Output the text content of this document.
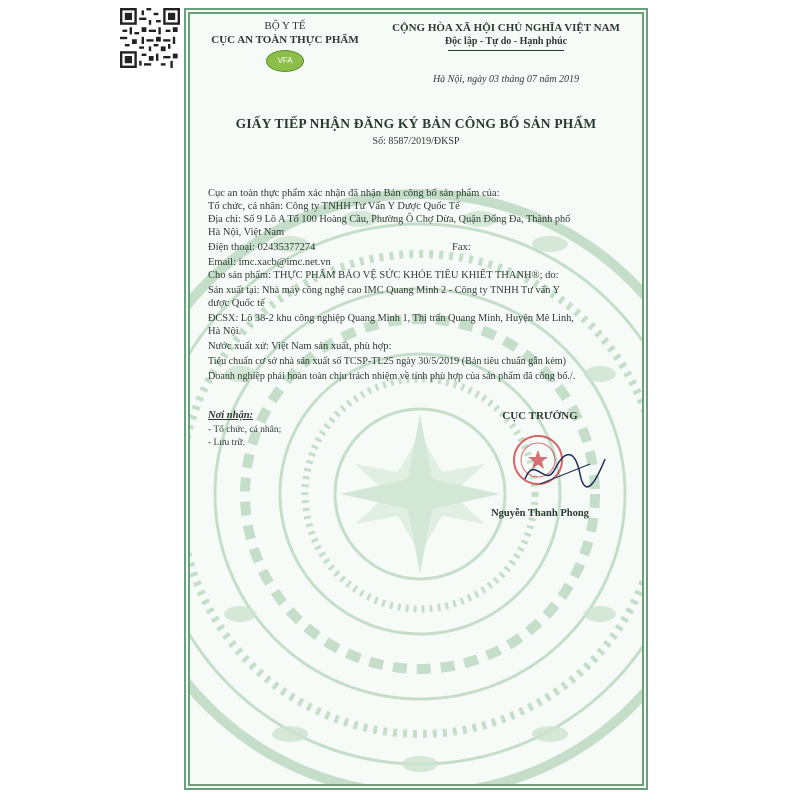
BỘ Y TẾ
CỤC AN TOÀN THỰC PHẨM
VFA
CỘNG HÒA XÃ HỘI CHỦ NGHĨA VIỆT NAM
Độc lập - Tự do - Hạnh phúc
Hà Nội, ngày 03 tháng 07 năm 2019
GIẤY TIẾP NHẬN ĐĂNG KÝ BẢN CÔNG BỐ SẢN PHẨM
Số: 8587/2019/ĐKSP
Cục an toàn thực phẩm xác nhận đã nhận Bản công bố sản phẩm của:
Tổ chức, cá nhân: Công ty TNHH Tư Vấn Y Dược Quốc Tế
Địa chỉ: Số 9 Lô A Tổ 100 Hoàng Cầu, Phường Ô Chợ Dừa, Quận Đống Đa, Thành phố
Hà Nội, Việt Nam
Điện thoại: 02435377274	Fax:
Email: imc.xacb@imc.net.vn
Cho sản phẩm: THỰC PHẨM BẢO VỆ SỨC KHỎE TIÊU KHIẾT THANH®; do:
Sản xuất tại: Nhà máy công nghệ cao IMC Quang Minh 2 - Công ty TNHH Tư vấn Y
dược Quốc tế
ĐCSX: Lô 38-2 khu công nghiệp Quang Minh 1, Thị trấn Quang Minh, Huyện Mê Linh,
Hà Nội.
Nước xuất xứ: Việt Nam sản xuất, phù hợp:
Tiêu chuẩn cơ sở nhà sản xuất số TCSP-TL25 ngày 30/5/2019 (Bản tiêu chuẩn gắn kèm)
Doanh nghiệp phải hoàn toàn chịu trách nhiệm về tính phù hợp của sản phẩm đã công bố./.
Nơi nhận:
- Tổ chức, cá nhân;
- Lưu trữ.
CỤC TRƯỞNG
Nguyễn Thanh Phong
